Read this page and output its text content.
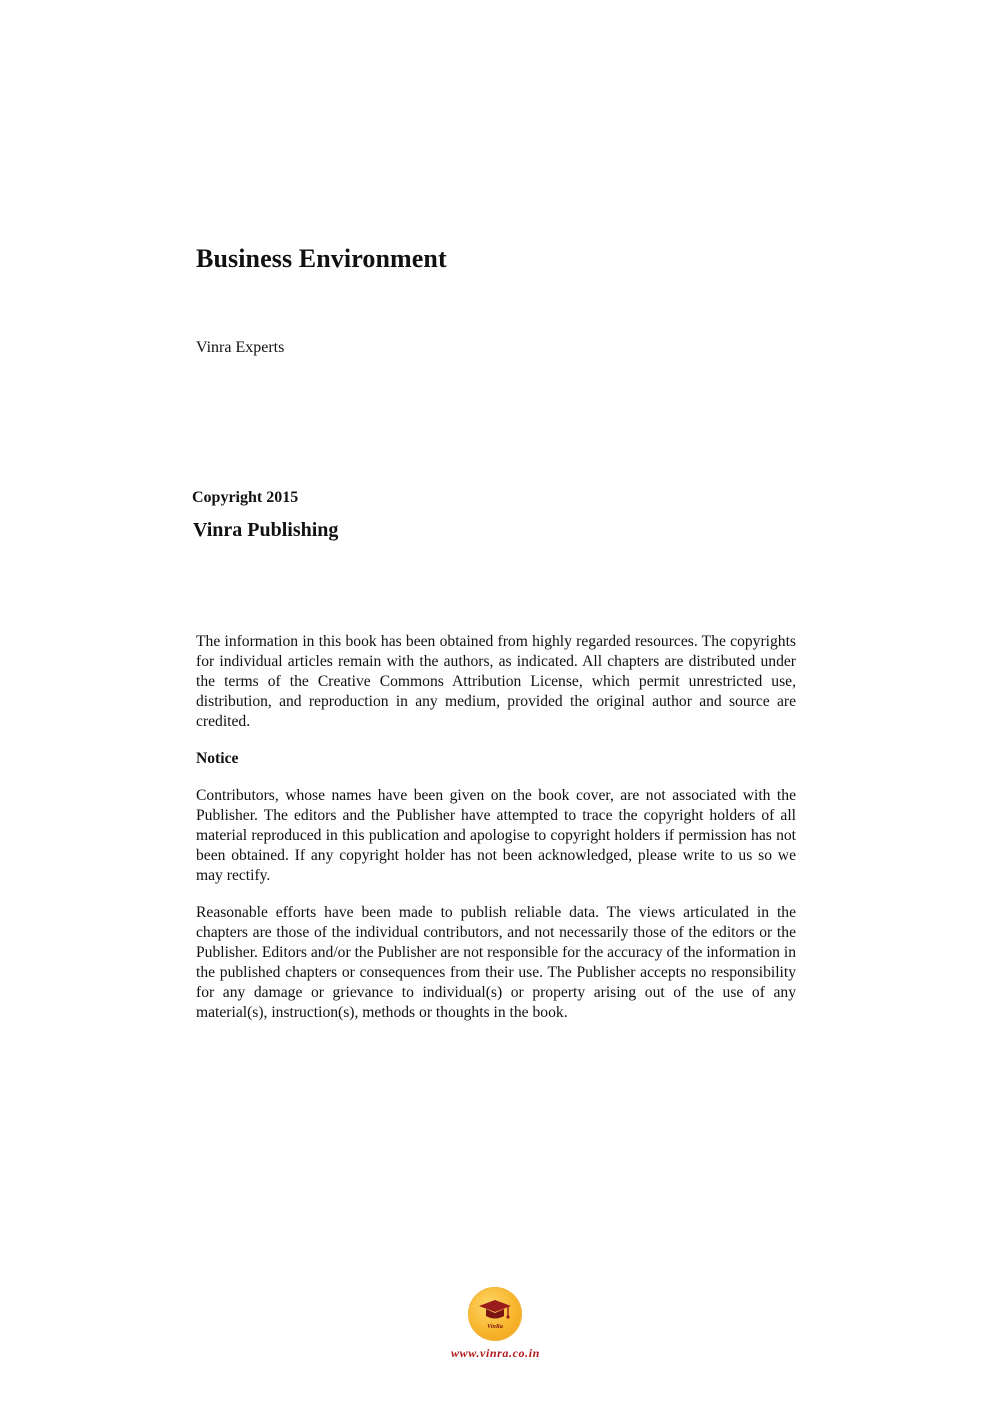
Business Environment

Vinra Experts

Copyright 2015

Vinra Publishing

The information in this book has been obtained from highly regarded resources. The copyrights for individual articles remain with the authors, as indicated. All chapters are distributed under the terms of the Creative Commons Attribution License, which permit unrestricted use, distribution, and reproduction in any medium, provided the original author and source are credited.

Notice

Contributors, whose names have been given on the book cover, are not associated with the Publisher. The editors and the Publisher have attempted to trace the copyright holders of all material reproduced in this publication and apologise to copyright holders if permission has not been obtained. If any copyright holder has not been acknowledged, please write to us so we may rectify.

Reasonable efforts have been made to publish reliable data. The views articulated in the chapters are those of the individual contributors, and not necessarily those of the editors or the Publisher. Editors and/or the Publisher are not responsible for the accuracy of the information in the published chapters or consequences from their use. The Publisher accepts no responsibility for any damage or grievance to individual(s) or property arising out of the use of any material(s), instruction(s), methods or thoughts in the book.

VinRa

www.vinra.co.in
